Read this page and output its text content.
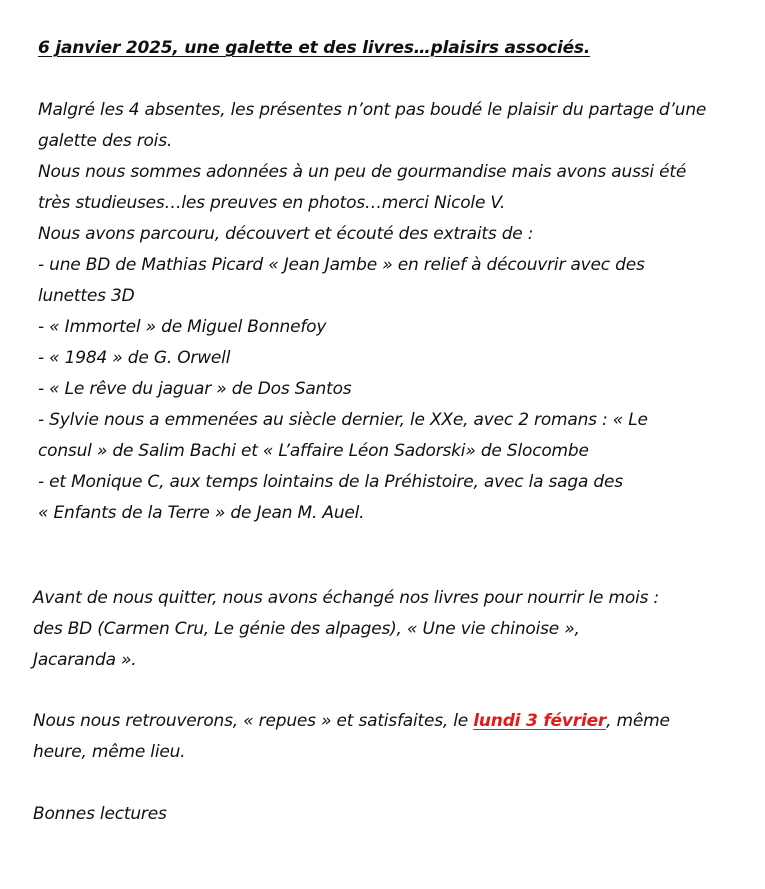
6 janvier 2025, une galette et des livres…plaisirs associés.
Malgré les 4 absentes, les présentes n’ont pas boudé le plaisir du partage d’une
galette des rois.
Nous nous sommes adonnées à un peu de gourmandise mais avons aussi été
très studieuses…les preuves en photos…merci Nicole V.
Nous avons parcouru, découvert et écouté des extraits de :
- une BD de Mathias Picard « Jean Jambe » en relief à découvrir avec des
lunettes 3D
- « Immortel » de Miguel Bonnefoy
- « 1984 » de G. Orwell
- « Le rêve du jaguar » de Dos Santos
- Sylvie nous a emmenées au siècle dernier, le XXe, avec 2 romans : « Le
consul » de Salim Bachi et « L’affaire Léon Sadorski» de Slocombe
- et Monique C, aux temps lointains de la Préhistoire, avec la saga des
« Enfants de la Terre » de Jean M. Auel.
Avant de nous quitter, nous avons échangé nos livres pour nourrir le mois :
des BD (Carmen Cru, Le génie des alpages), « Une vie chinoise »,
Jacaranda ».
Nous nous retrouverons, « repues » et satisfaites, le lundi 3 février, même
heure, même lieu.
Bonnes lectures
